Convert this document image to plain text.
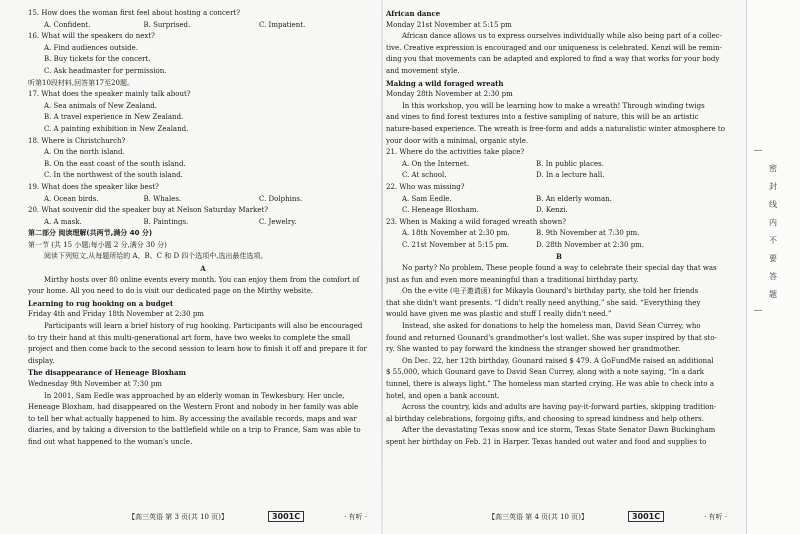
15. How does the woman first feel about hosting a concert?
A. Confident.	B. Surprised.	C. Impatient.
16. What will the speakers do next?
A. Find audiences outside.
B. Buy tickets for the concert.
C. Ask headmaster for permission.
听第10段材料,回答第17至20题。
17. What does the speaker mainly talk about?
A. Sea animals of New Zealand.
B. A travel experience in New Zealand.
C. A painting exhibition in New Zealand.
18. Where is Christchurch?
A. On the north island.
B. On the east coast of the south island.
C. In the northwest of the south island.
19. What does the speaker like best?
A. Ocean birds.	B. Whales.	C. Dolphins.
20. What souvenir did the speaker buy at Nelson Saturday Market?
A. A mask.	B. Paintings.	C. Jewelry.
第二部分 阅读理解(共两节,满分 40 分)
第一节 (共 15 小题;每小题 2 分,满分 30 分)
阅读下列短文,从每题所给的 A、B、C 和 D 四个选项中,选出最佳选项。
A
Mirthy hosts over 80 online events every month. You can enjoy them from the comfort of
your home. All you need to do is visit our dedicated page on the Mirthy website.
Learning to rug hooking on a budget
Friday 4th and Friday 18th November at 2:30 pm
Participants will learn a brief history of rug hooking. Participants will also be encouraged
to try their hand at this multi-generational art form, have two weeks to complete the small
project and then come back to the second session to learn how to finish it off and prepare it for
display.
The disappearance of Heneage Bloxham
Wednesday 9th November at 7:30 pm
In 2001, Sam Eedle was approached by an elderly woman in Tewkesbury. Her uncle,
Heneage Bloxham, had disappeared on the Western Front and nobody in her family was able
to tell her what actually happened to him. By accessing the available records, maps and war
diaries, and by taking a diversion to the battlefield while on a trip to France, Sam was able to
find out what happened to the woman's uncle.
【高三英语 第 3 页(共 10 页)】	3001C	· 有听 ·
African dance
Monday 21st November at 5:15 pm
African dance allows us to express ourselves individually while also being part of a collec-
tive. Creative expression is encouraged and our uniqueness is celebrated. Kenzi will be remin-
ding you that movements can be adapted and explored to find a way that works for your body
and movement style.
Making a wild foraged wreath
Monday 28th November at 2:30 pm
In this workshop, you will be learning how to make a wreath! Through winding twigs
and vines to find forest textures into a festive sampling of nature, this will be an artistic
nature-based experience. The wreath is free-form and adds a naturalistic winter atmosphere to
your door with a minimal, organic style.
21. Where do the activities take place?
A. On the Internet.	B. In public places.
C. At school.	D. In a lecture hall.
22. Who was missing?
A. Sam Eedle.	B. An elderly woman.
C. Heneage Bloxham.	D. Kenzi.
23. When is Making a wild foraged wreath shown?
A. 18th November at 2:30 pm.	B. 9th November at 7:30 pm.
C. 21st November at 5:15 pm.	D. 28th November at 2:30 pm.
B
No party? No problem. These people found a way to celebrate their special day that was
just as fun and even more meaningful than a traditional birthday party.
On the e-vite (电子邀请函) for Mikayla Gounard's birthday party, she told her friends
that she didn't want presents. “I didn't really need anything,” she said. “Everything they
would have given me was plastic and stuff I really didn't need.”
Instead, she asked for donations to help the homeless man, David Sean Currey, who
found and returned Gounard's grandmother's lost wallet. She was super inspired by that sto-
ry. She wanted to pay forward the kindness the stranger showed her grandmother.
On Dec. 22, her 12th birthday, Gounard raised $ 479. A GoFundMe raised an additional
$ 55,000, which Gounard gave to David Sean Currey, along with a note saying, “In a dark
tunnel, there is always light.” The homeless man started crying. He was able to check into a
hotel, and open a bank account.
Across the country, kids and adults are having pay-it-forward parties, skipping tradition-
al birthday celebrations, forgoing gifts, and choosing to spread kindness and help others.
After the devastating Texas snow and ice storm, Texas State Senator Dawn Buckingham
spent her birthday on Feb. 21 in Harper. Texas handed out water and food and supplies to
【高三英语 第 4 页(共 10 页)】	3001C	· 有听 ·
密
封
线
内
不
要
答
题
